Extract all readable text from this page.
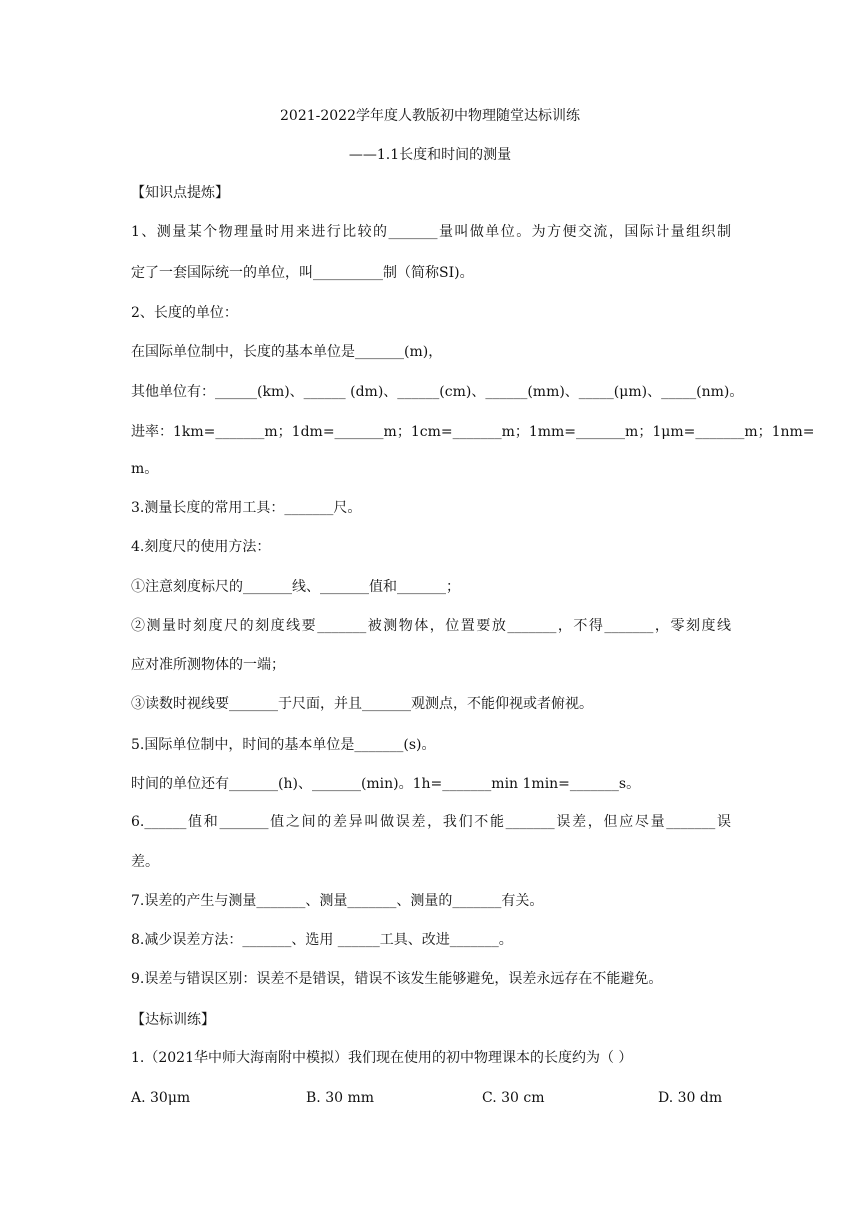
2021-2022学年度人教版初中物理随堂达标训练
——1.1长度和时间的测量
【知识点提炼】
1、测量某个物理量时用来进行比较的_______量叫做单位。为方便交流，国际计量组织制
定了一套国际统一的单位，叫__________制（简称SI)。
2、长度的单位：
在国际单位制中，长度的基本单位是_______(m)，
其他单位有：______(km)、______ (dm)、______(cm)、______(mm)、_____(μm)、_____(nm)。
进率：1km=_______m；1dm=_______m；1cm=_______m；1mm=_______m；1μm=_______m；1nm=
m。
3.测量长度的常用工具：_______尺。
4.刻度尺的使用方法：
①注意刻度标尺的_______线、_______值和_______；
②测量时刻度尺的刻度线要_______被测物体，位置要放_______，不得_______，零刻度线
应对准所测物体的一端；
③读数时视线要_______于尺面，并且_______观测点，不能仰视或者俯视。
5.国际单位制中，时间的基本单位是_______(s)。
时间的单位还有_______(h)、_______(min)。1h=_______min 1min=_______s。
6.______值和_______值之间的差异叫做误差，我们不能_______误差，但应尽量_______误
差。
7.误差的产生与测量_______、测量_______、测量的_______有关。
8.减少误差方法：_______、选用 ______工具、改进_______。
9.误差与错误区别：误差不是错误，错误不该发生能够避免，误差永远存在不能避免。
【达标训练】
1.（2021华中师大海南附中模拟）我们现在使用的初中物理课本的长度约为（ ）
A. 30μm	B. 30 mm	C. 30 cm	D. 30 dm
